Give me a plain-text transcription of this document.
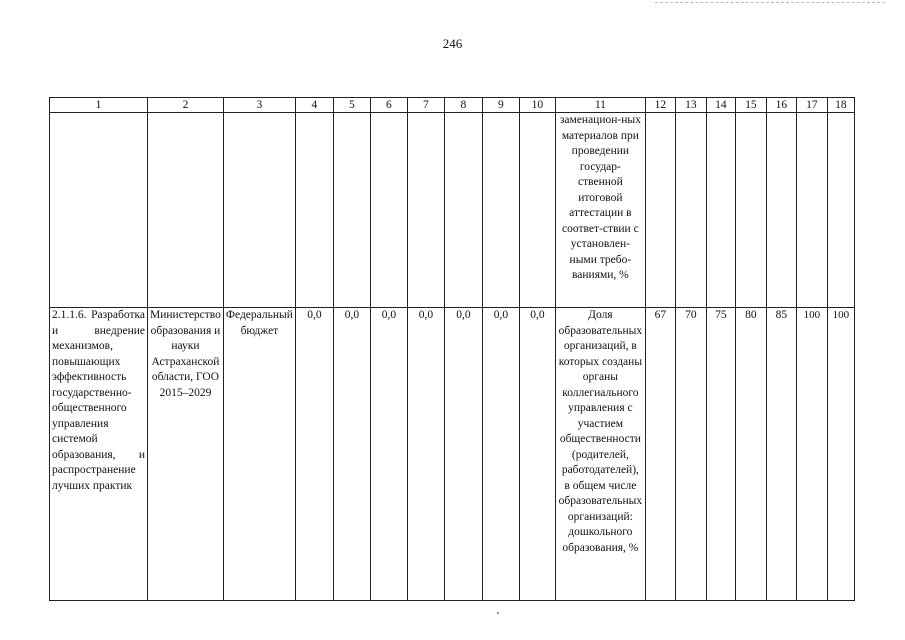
246
1	2	3	4	5	6	7	8	9	10	11	12	13	14	15	16	17	18
										заменацион-ных материалов при проведении государ-ственной итоговой аттестации в соответ-ствии с установлен-ными требо-ваниями, %							
2.1.1.6. Разработка и внедрение механизмов, повышающих эффективность государственно-общественного управления системой образования, и распространение лучших практик	Министерство образования и науки Астраханской области, ГОО 2015–2029	Федеральный бюджет	0,0	0,0	0,0	0,0	0,0	0,0	0,0	Доля образовательных организаций, в которых созданы органы коллегиального управления с участием общественности (родителей, работодателей), в общем числе образовательных организаций: дошкольного образования, %	67	70	75	80	85	100	100
